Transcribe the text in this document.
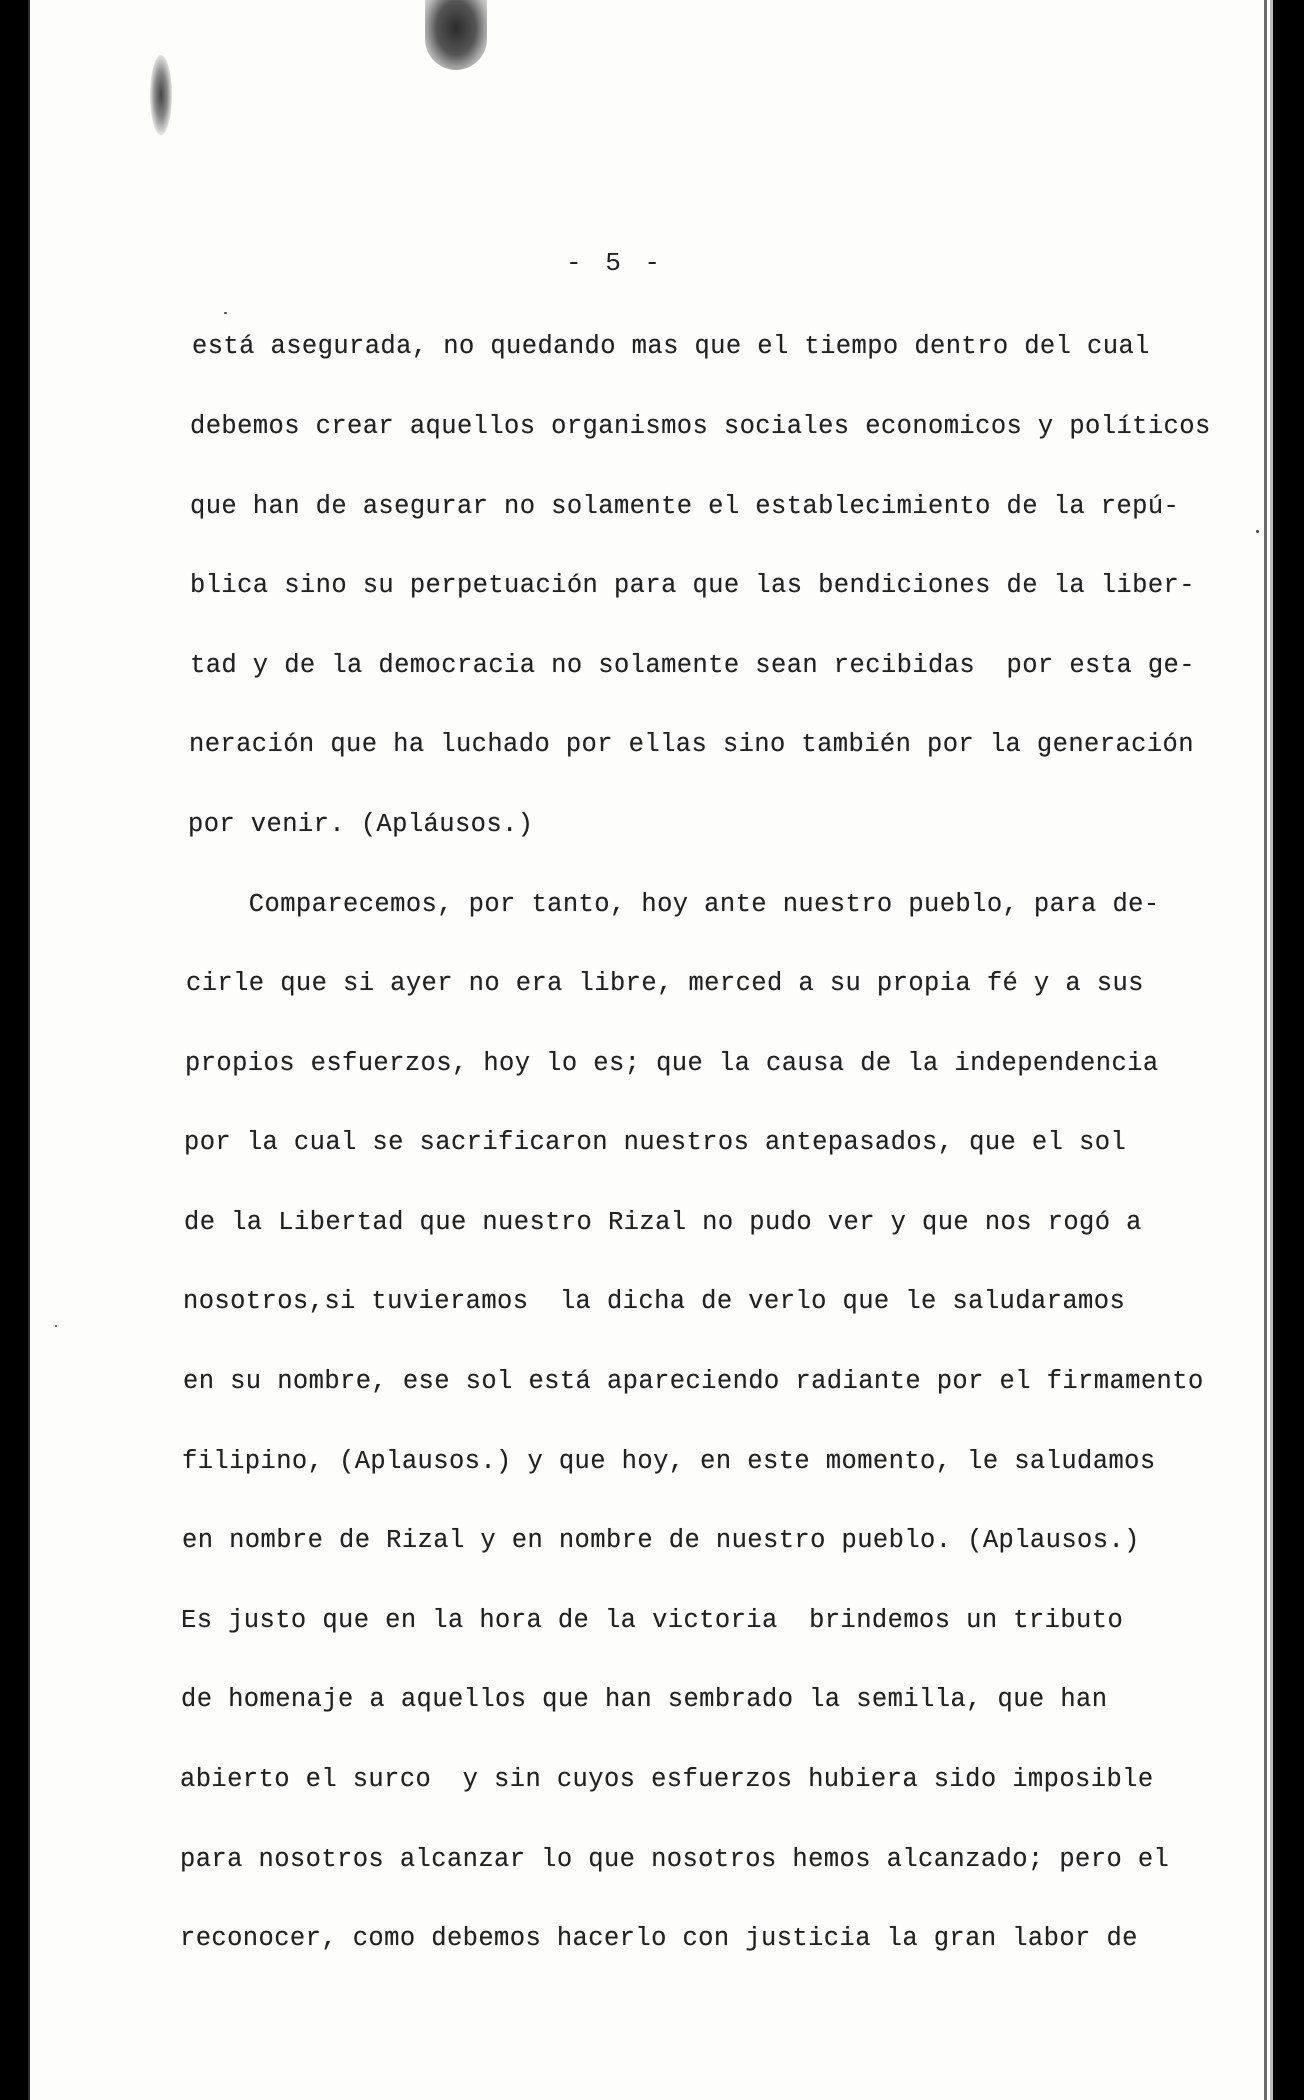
- 5 -
está asegurada, no quedando mas que el tiempo dentro del cual
debemos crear aquellos organismos sociales economicos y políticos
que han de asegurar no solamente el establecimiento de la repú-
blica sino su perpetuación para que las bendiciones de la liber-
tad y de la democracia no solamente sean recibidas  por esta ge-
neración que ha luchado por ellas sino también por la generación
por venir. (Apláusos.)
Comparecemos, por tanto, hoy ante nuestro pueblo, para de-
cirle que si ayer no era libre, merced a su propia fé y a sus
propios esfuerzos, hoy lo es; que la causa de la independencia
por la cual se sacrificaron nuestros antepasados, que el sol
de la Libertad que nuestro Rizal no pudo ver y que nos rogó a
nosotros,si tuvieramos  la dicha de verlo que le saludaramos
en su nombre, ese sol está apareciendo radiante por el firmamento
filipino, (Aplausos.) y que hoy, en este momento, le saludamos
en nombre de Rizal y en nombre de nuestro pueblo. (Aplausos.)
Es justo que en la hora de la victoria  brindemos un tributo
de homenaje a aquellos que han sembrado la semilla, que han
abierto el surco  y sin cuyos esfuerzos hubiera sido imposible
para nosotros alcanzar lo que nosotros hemos alcanzado; pero el
reconocer, como debemos hacerlo con justicia la gran labor de
